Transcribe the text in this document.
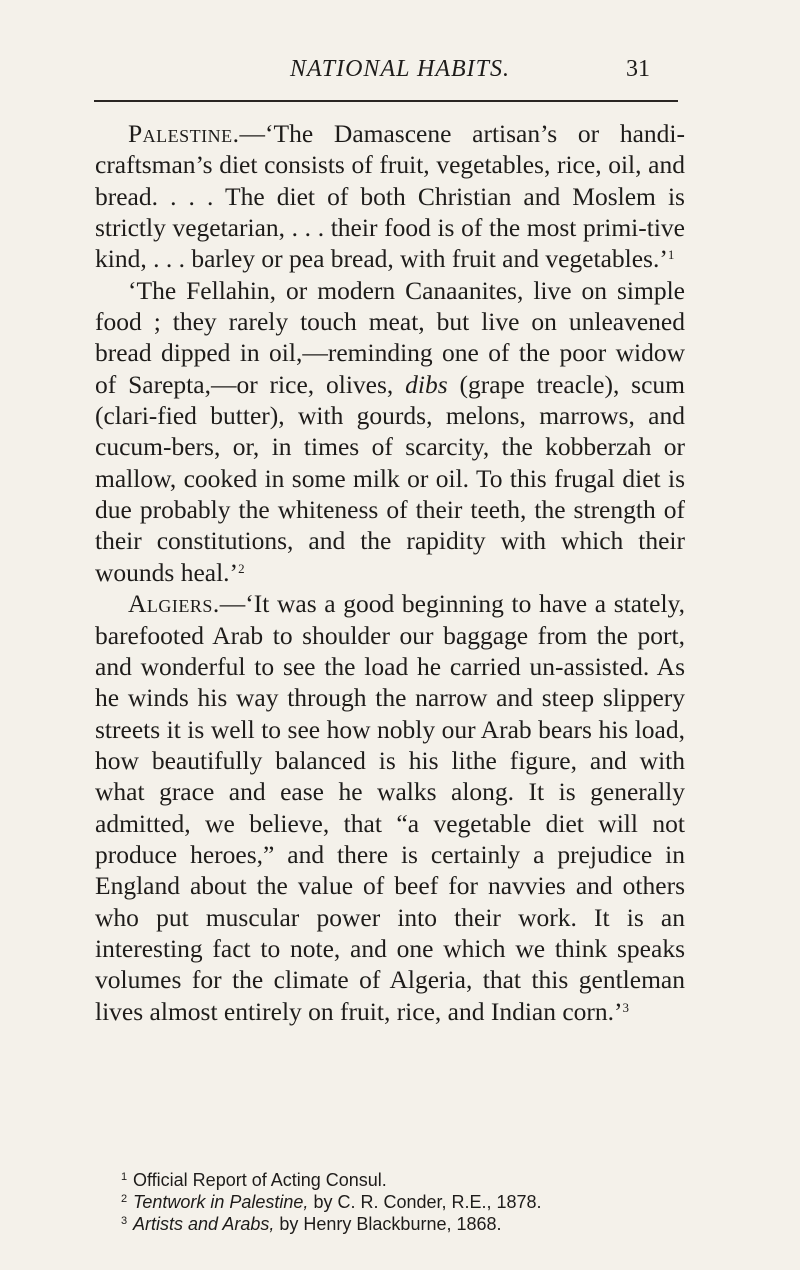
NATIONAL HABITS.	31

Palestine.—‘The Damascene artisan’s or handi-craftsman’s diet consists of fruit, vegetables, rice, oil, and bread. . . . The diet of both Christian and Moslem is strictly vegetarian, . . . their food is of the most primi-tive kind, . . . barley or pea bread, with fruit and vegetables.’$^1$

‘The Fellahin, or modern Canaanites, live on simple food ; they rarely touch meat, but live on unleavened bread dipped in oil,—reminding one of the poor widow of Sarepta,—or rice, olives, dibs (grape treacle), scum (clari-fied butter), with gourds, melons, marrows, and cucum-bers, or, in times of scarcity, the kobberzah or mallow, cooked in some milk or oil. To this frugal diet is due probably the whiteness of their teeth, the strength of their constitutions, and the rapidity with which their wounds heal.’$^2$

Algiers.—‘It was a good beginning to have a stately, barefooted Arab to shoulder our baggage from the port, and wonderful to see the load he carried un-assisted. As he winds his way through the narrow and steep slippery streets it is well to see how nobly our Arab bears his load, how beautifully balanced is his lithe figure, and with what grace and ease he walks along. It is generally admitted, we believe, that “a vegetable diet will not produce heroes,” and there is certainly a prejudice in England about the value of beef for navvies and others who put muscular power into their work. It is an interesting fact to note, and one which we think speaks volumes for the climate of Algeria, that this gentleman lives almost entirely on fruit, rice, and Indian corn.’$^3$

1 Official Report of Acting Consul.
2 Tentwork in Palestine, by C. R. Conder, R.E., 1878.
3 Artists and Arabs, by Henry Blackburne, 1868.
